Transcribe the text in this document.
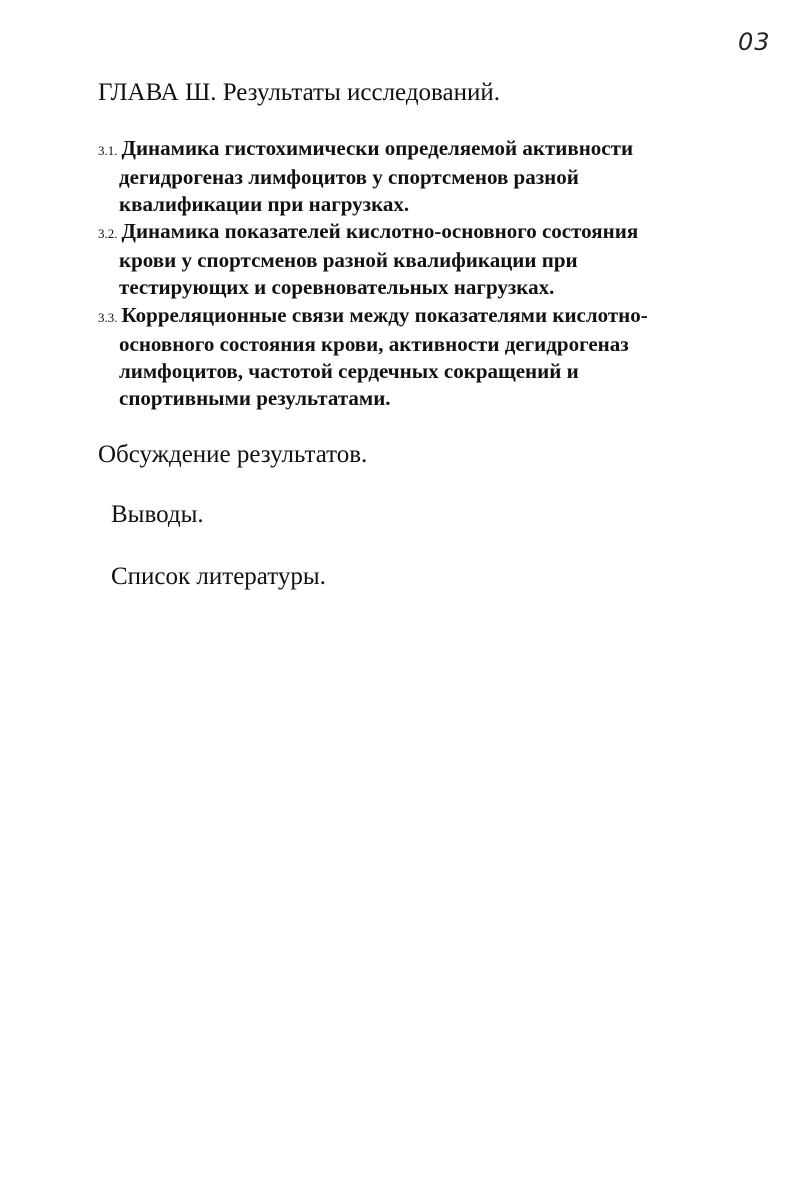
03
ГЛАВА Ш. Результаты исследований.
3.1. Динамика гистохимически определяемой активности
дегидрогеназ лимфоцитов у спортсменов разной
квалификации при нагрузках.
3.2. Динамика показателей кислотно-основного состояния
крови у спортсменов разной квалификации при
тестирующих и соревновательных нагрузках.
3.3. Корреляционные связи между показателями кислотно-
основного состояния крови, активности дегидрогеназ
лимфоцитов, частотой сердечных сокращений и
спортивными результатами.
Обсуждение результатов.
Выводы.
Список литературы.
